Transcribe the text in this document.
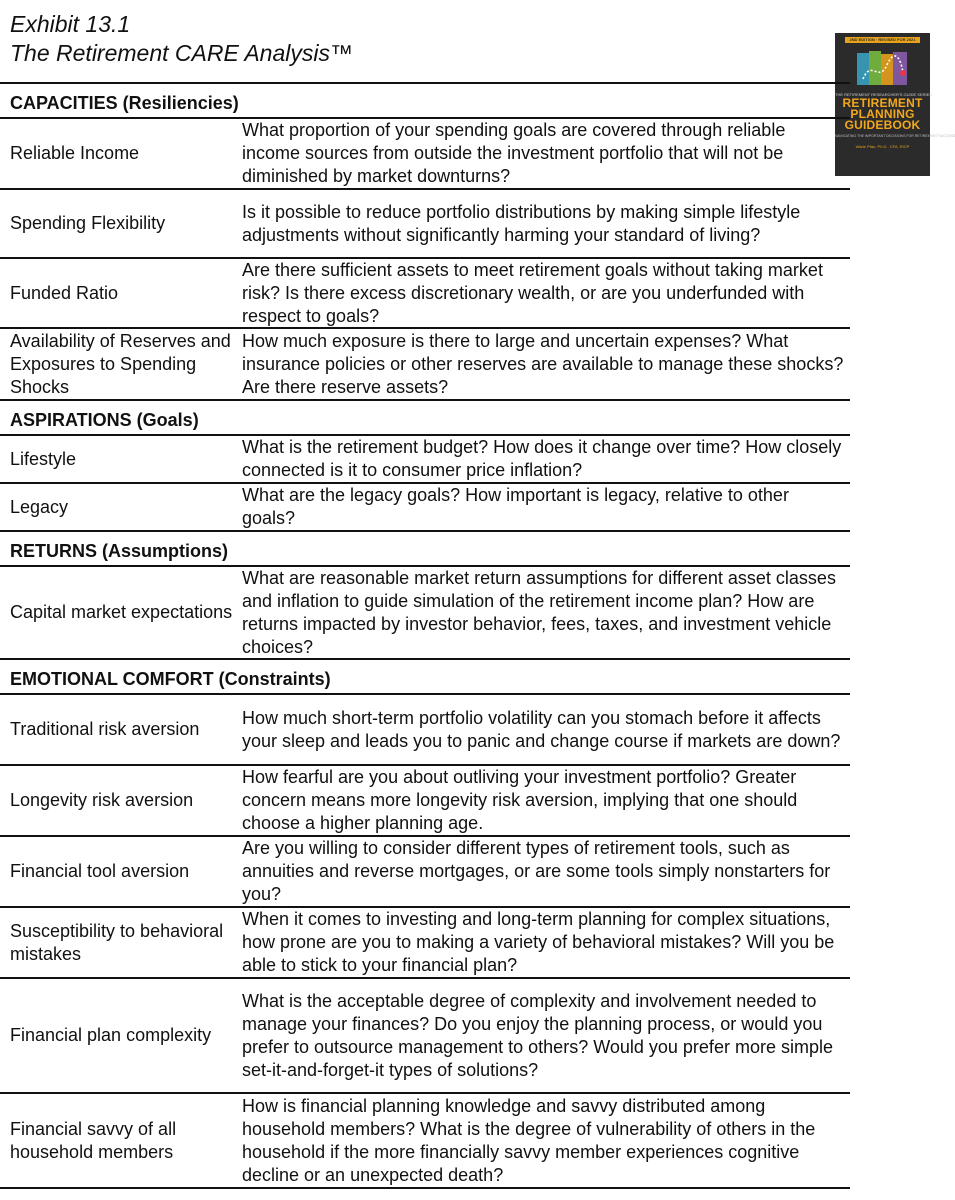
Exhibit 13.1
The Retirement CARE Analysis™
2ND EDITION · REVISED FOR 2021
THE RETIREMENT RESEARCHER'S GUIDE SERIES
RETIREMENT
PLANNING
GUIDEBOOK
NAVIGATING THE IMPORTANT DECISIONS FOR RETIREMENT SUCCESS
Wade Pfau, Ph.D., CFA, RICP
CAPACITIES (Resiliencies)
Reliable Income
What proportion of your spending goals are covered through reliable income sources from outside the investment portfolio that will not be diminished by market downturns?
Spending Flexibility
Is it possible to reduce portfolio distributions by making simple lifestyle adjustments without significantly harming your standard of living?
Funded Ratio
Are there sufficient assets to meet retirement goals without taking market risk? Is there excess discretionary wealth, or are you underfunded with respect to goals?
Availability of Reserves and Exposures to Spending Shocks
How much exposure is there to large and uncertain expenses? What insurance policies or other reserves are available to manage these shocks? Are there reserve assets?
ASPIRATIONS (Goals)
Lifestyle
What is the retirement budget? How does it change over time? How closely connected is it to consumer price inflation?
Legacy
What are the legacy goals? How important is legacy, relative to other goals?
RETURNS (Assumptions)
Capital market expectations
What are reasonable market return assumptions for different asset classes and inflation to guide simulation of the retirement income plan? How are returns impacted by investor behavior, fees, taxes, and investment vehicle choices?
EMOTIONAL COMFORT (Constraints)
Traditional risk aversion
How much short-term portfolio volatility can you stomach before it affects your sleep and leads you to panic and change course if markets are down?
Longevity risk aversion
How fearful are you about outliving your investment portfolio? Greater concern means more longevity risk aversion, implying that one should choose a higher planning age.
Financial tool aversion
Are you willing to consider different types of retirement tools, such as annuities and reverse mortgages, or are some tools simply nonstarters for you?
Susceptibility to behavioral mistakes
When it comes to investing and long-term planning for complex situations, how prone are you to making a variety of behavioral mistakes? Will you be able to stick to your financial plan?
Financial plan complexity
What is the acceptable degree of complexity and involvement needed to manage your finances? Do you enjoy the planning process, or would you prefer to outsource management to others? Would you prefer more simple set-it-and-forget-it types of solutions?
Financial savvy of all household members
How is financial planning knowledge and savvy distributed among household members? What is the degree of vulnerability of others in the household if the more financially savvy member experiences cognitive decline or an unexpected death?
